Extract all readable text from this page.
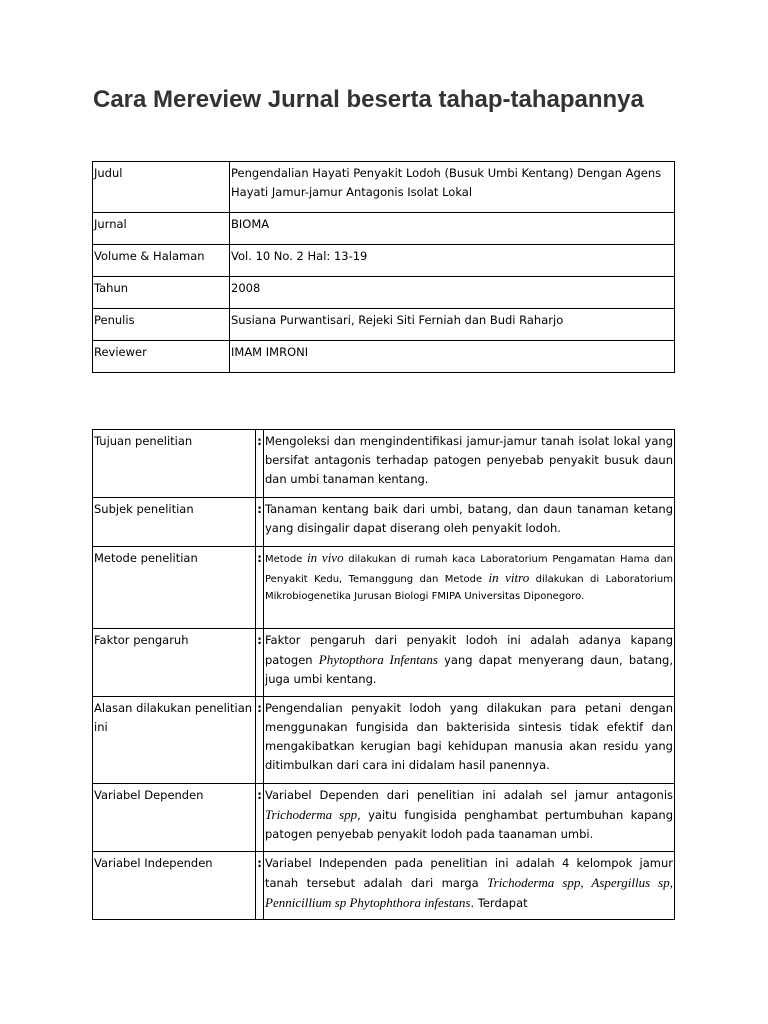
Cara Mereview Jurnal beserta tahap-tahapannya
Judul	Pengendalian Hayati Penyakit Lodoh (Busuk Umbi Kentang) Dengan Agens Hayati Jamur-jamur Antagonis Isolat Lokal
Jurnal	BIOMA
Volume & Halaman	Vol. 10 No. 2 Hal: 13-19
Tahun	2008
Penulis	Susiana Purwantisari, Rejeki Siti Ferniah dan Budi Raharjo
Reviewer	IMAM IMRONI
Tujuan penelitian	:	Mengoleksi dan mengindentifikasi jamur-jamur tanah isolat lokal yang bersifat antagonis terhadap patogen penyebab penyakit busuk daun dan umbi tanaman kentang.
Subjek penelitian	:	Tanaman kentang baik dari umbi, batang, dan daun tanaman ketang yang disingalir dapat diserang oleh penyakit lodoh.
Metode penelitian	:	Metode in vivo dilakukan di rumah kaca Laboratorium Pengamatan Hama dan Penyakit Kedu, Temanggung dan Metode in vitro dilakukan di Laboratorium Mikrobiogenetika Jurusan Biologi FMIPA Universitas Diponegoro.
Faktor pengaruh	:	Faktor pengaruh dari penyakit lodoh ini adalah adanya kapang patogen Phytopthora Infentans yang dapat menyerang daun, batang, juga umbi kentang.
Alasan dilakukan penelitian ini	:	Pengendalian penyakit lodoh yang dilakukan para petani dengan menggunakan fungisida dan bakterisida sintesis tidak efektif dan mengakibatkan kerugian bagi kehidupan manusia akan residu yang ditimbulkan dari cara ini didalam hasil panennya.
Variabel Dependen	:	Variabel Dependen dari penelitian ini adalah sel jamur antagonis Trichoderma spp, yaitu fungisida penghambat pertumbuhan kapang patogen penyebab penyakit lodoh pada taanaman umbi.
Variabel Independen	:	Variabel Independen pada penelitian ini adalah 4 kelompok jamur tanah tersebut adalah dari marga Trichoderma spp, Aspergillus sp, Pennicillium sp Phytophthora infestans. Terdapat
